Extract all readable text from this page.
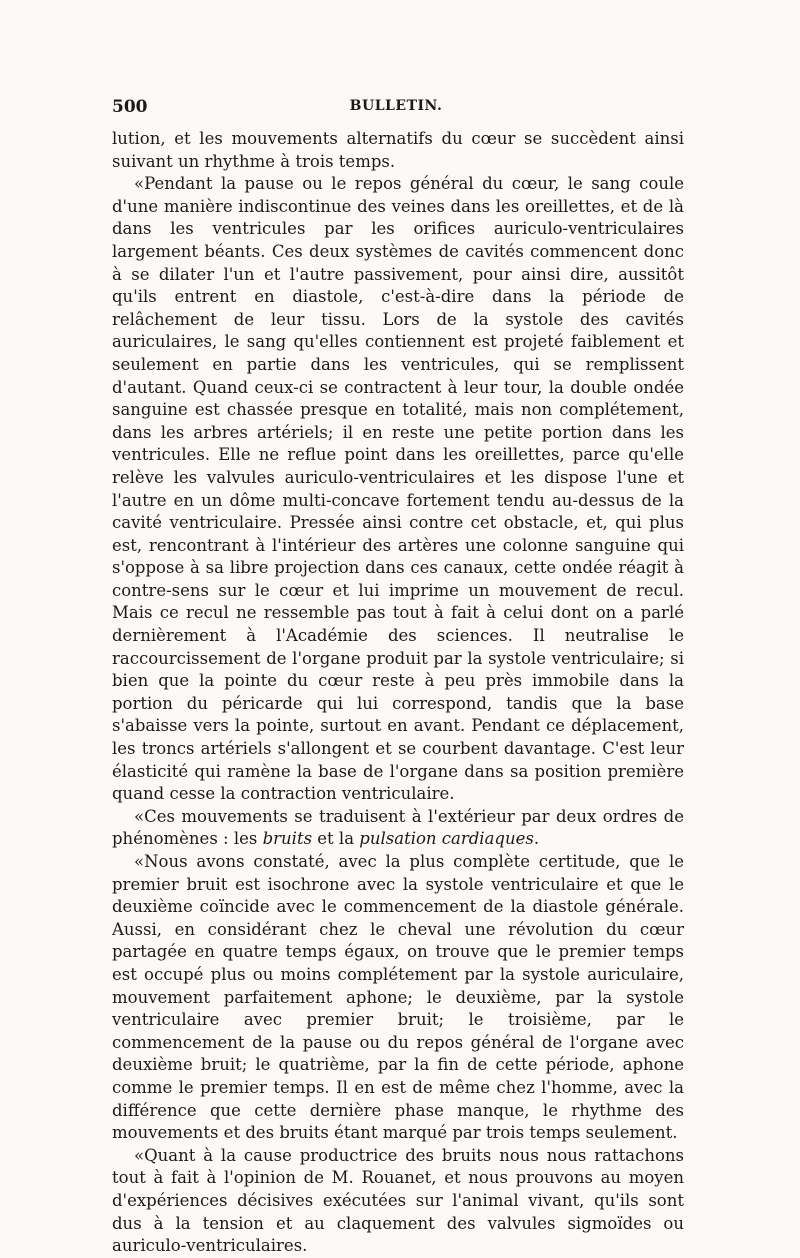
500	BULLETIN.

lution, et les mouvements alternatifs du cœur se succèdent ainsi suivant un rhythme à trois temps.

«Pendant la pause ou le repos général du cœur, le sang coule d'une manière indiscontinue des veines dans les oreillettes, et de là dans les ventricules par les orifices auriculo-ventriculaires largement béants. Ces deux systèmes de cavités commencent donc à se dilater l'un et l'autre passivement, pour ainsi dire, aussitôt qu'ils entrent en diastole, c'est-à-dire dans la période de relâchement de leur tissu. Lors de la systole des cavités auriculaires, le sang qu'elles contiennent est projeté faiblement et seulement en partie dans les ventricules, qui se remplissent d'autant. Quand ceux-ci se contractent à leur tour, la double ondée sanguine est chassée presque en totalité, mais non complétement, dans les arbres artériels; il en reste une petite portion dans les ventricules. Elle ne reflue point dans les oreillettes, parce qu'elle relève les valvules auriculo-ventriculaires et les dispose l'une et l'autre en un dôme multi-concave fortement tendu au-dessus de la cavité ventriculaire. Pressée ainsi contre cet obstacle, et, qui plus est, rencontrant à l'intérieur des artères une colonne sanguine qui s'oppose à sa libre projection dans ces canaux, cette ondée réagit à contre-sens sur le cœur et lui imprime un mouvement de recul. Mais ce recul ne ressemble pas tout à fait à celui dont on a parlé dernièrement à l'Académie des sciences. Il neutralise le raccourcissement de l'organe produit par la systole ventriculaire; si bien que la pointe du cœur reste à peu près immobile dans la portion du péricarde qui lui correspond, tandis que la base s'abaisse vers la pointe, surtout en avant. Pendant ce déplacement, les troncs artériels s'allongent et se courbent davantage. C'est leur élasticité qui ramène la base de l'organe dans sa position première quand cesse la contraction ventriculaire.

«Ces mouvements se traduisent à l'extérieur par deux ordres de phénomènes : les bruits et la pulsation cardiaques.

«Nous avons constaté, avec la plus complète certitude, que le premier bruit est isochrone avec la systole ventriculaire et que le deuxième coïncide avec le commencement de la diastole générale. Aussi, en considérant chez le cheval une révolution du cœur partagée en quatre temps égaux, on trouve que le premier temps est occupé plus ou moins complétement par la systole auriculaire, mouvement parfaitement aphone; le deuxième, par la systole ventriculaire avec premier bruit; le troisième, par le commencement de la pause ou du repos général de l'organe avec deuxième bruit; le quatrième, par la fin de cette période, aphone comme le premier temps. Il en est de même chez l'homme, avec la différence que cette dernière phase manque, le rhythme des mouvements et des bruits étant marqué par trois temps seulement.

«Quant à la cause productrice des bruits nous nous rattachons tout à fait à l'opinion de M. Rouanet, et nous prouvons au moyen d'expériences décisives exécutées sur l'animal vivant, qu'ils sont dus à la tension et au claquement des valvules sigmoïdes ou auriculo-ventriculaires.
